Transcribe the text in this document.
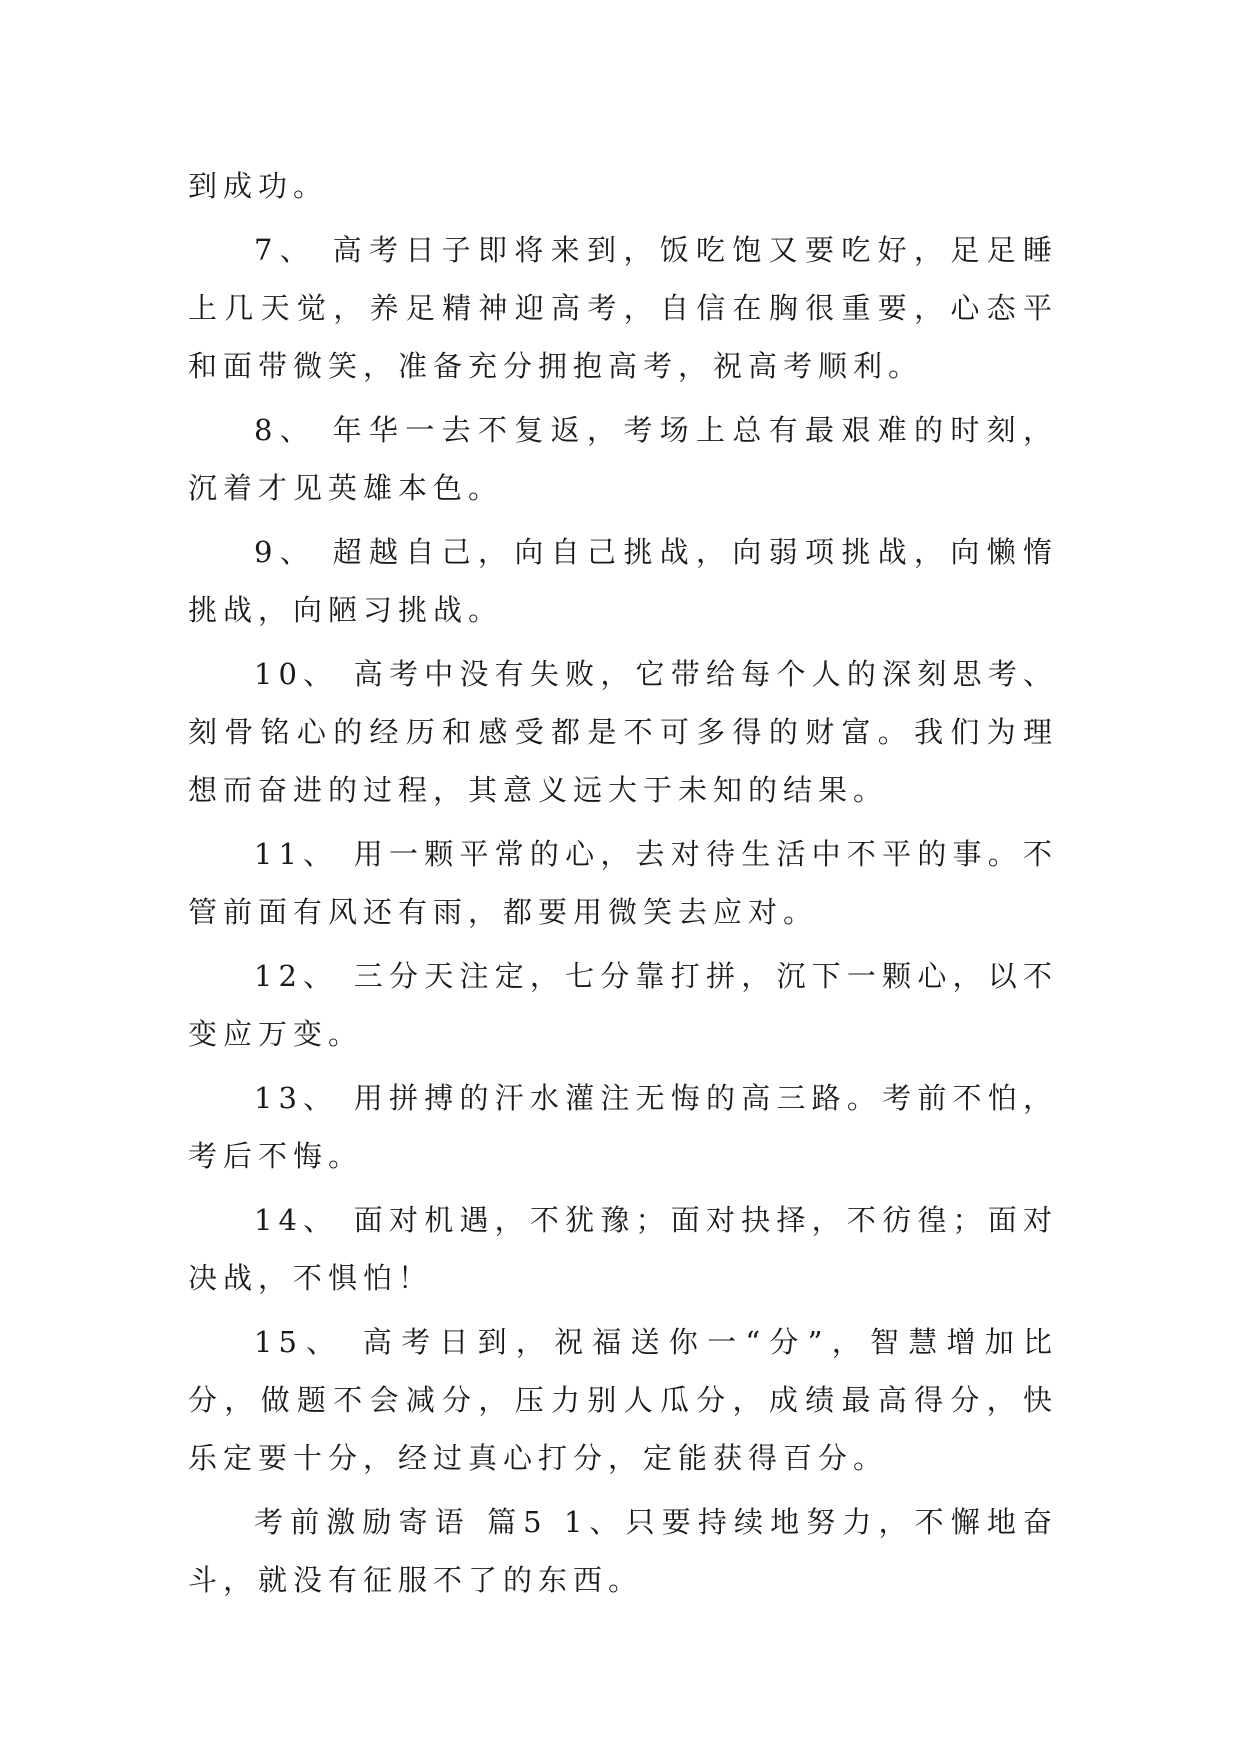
到成功。

7、 高考日子即将来到，饭吃饱又要吃好，足足睡上几天觉，养足精神迎高考，自信在胸很重要，心态平和面带微笑，准备充分拥抱高考，祝高考顺利。

8、 年华一去不复返，考场上总有最艰难的时刻，沉着才见英雄本色。

9、 超越自己，向自己挑战，向弱项挑战，向懒惰挑战，向陋习挑战。

10、 高考中没有失败，它带给每个人的深刻思考、刻骨铭心的经历和感受都是不可多得的财富。我们为理想而奋进的过程，其意义远大于未知的结果。

11、 用一颗平常的心，去对待生活中不平的事。不管前面有风还有雨，都要用微笑去应对。

12、 三分天注定，七分靠打拼，沉下一颗心，以不变应万变。

13、 用拼搏的汗水灌注无悔的高三路。考前不怕，考后不悔。

14、 面对机遇，不犹豫；面对抉择，不彷徨；面对决战，不惧怕！

15、 高考日到，祝福送你一“分”，智慧增加比分，做题不会减分，压力别人瓜分，成绩最高得分，快乐定要十分，经过真心打分，定能获得百分。

考前激励寄语 篇5 1、只要持续地努力，不懈地奋斗，就没有征服不了的东西。
